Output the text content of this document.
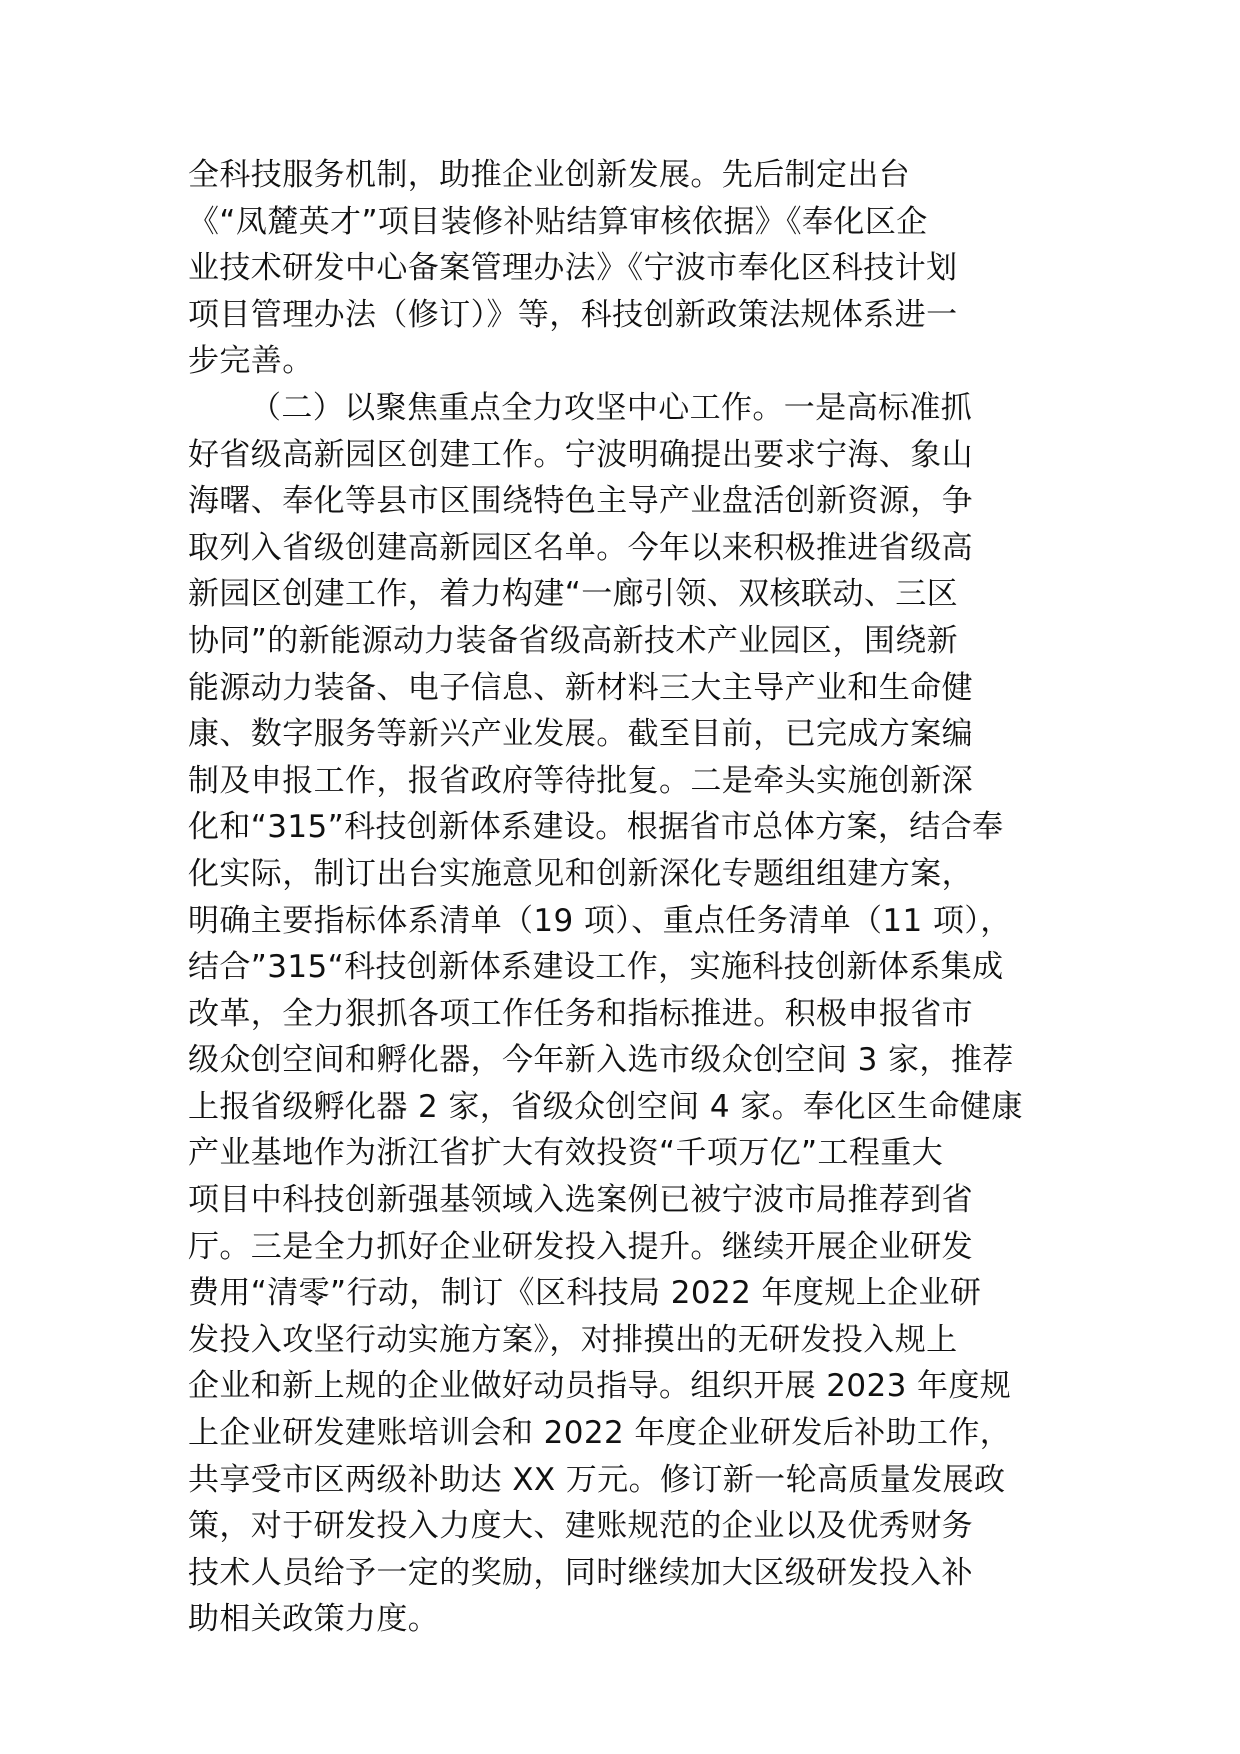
全科技服务机制，助推企业创新发展。先后制定出台
《“凤麓英才”项目装修补贴结算审核依据》《奉化区企
业技术研发中心备案管理办法》《宁波市奉化区科技计划
项目管理办法（修订）》等，科技创新政策法规体系进一
步完善。
（二）以聚焦重点全力攻坚中心工作。一是高标准抓
好省级高新园区创建工作。宁波明确提出要求宁海、象山
海曙、奉化等县市区围绕特色主导产业盘活创新资源，争
取列入省级创建高新园区名单。今年以来积极推进省级高
新园区创建工作，着力构建“一廊引领、双核联动、三区
协同”的新能源动力装备省级高新技术产业园区，围绕新
能源动力装备、电子信息、新材料三大主导产业和生命健
康、数字服务等新兴产业发展。截至目前，已完成方案编
制及申报工作，报省政府等待批复。二是牵头实施创新深
化和“315”科技创新体系建设。根据省市总体方案，结合奉
化实际，制订出台实施意见和创新深化专题组组建方案，
明确主要指标体系清单（19 项）、重点任务清单（11 项），
结合”315“科技创新体系建设工作，实施科技创新体系集成
改革，全力狠抓各项工作任务和指标推进。积极申报省市
级众创空间和孵化器，今年新入选市级众创空间 3 家，推荐
上报省级孵化器 2 家，省级众创空间 4 家。奉化区生命健康
产业基地作为浙江省扩大有效投资“千项万亿”工程重大
项目中科技创新强基领域入选案例已被宁波市局推荐到省
厅。三是全力抓好企业研发投入提升。继续开展企业研发
费用“清零”行动，制订《区科技局 2022 年度规上企业研
发投入攻坚行动实施方案》，对排摸出的无研发投入规上
企业和新上规的企业做好动员指导。组织开展 2023 年度规
上企业研发建账培训会和 2022 年度企业研发后补助工作，
共享受市区两级补助达 XX 万元。修订新一轮高质量发展政
策，对于研发投入力度大、建账规范的企业以及优秀财务
技术人员给予一定的奖励，同时继续加大区级研发投入补
助相关政策力度。
